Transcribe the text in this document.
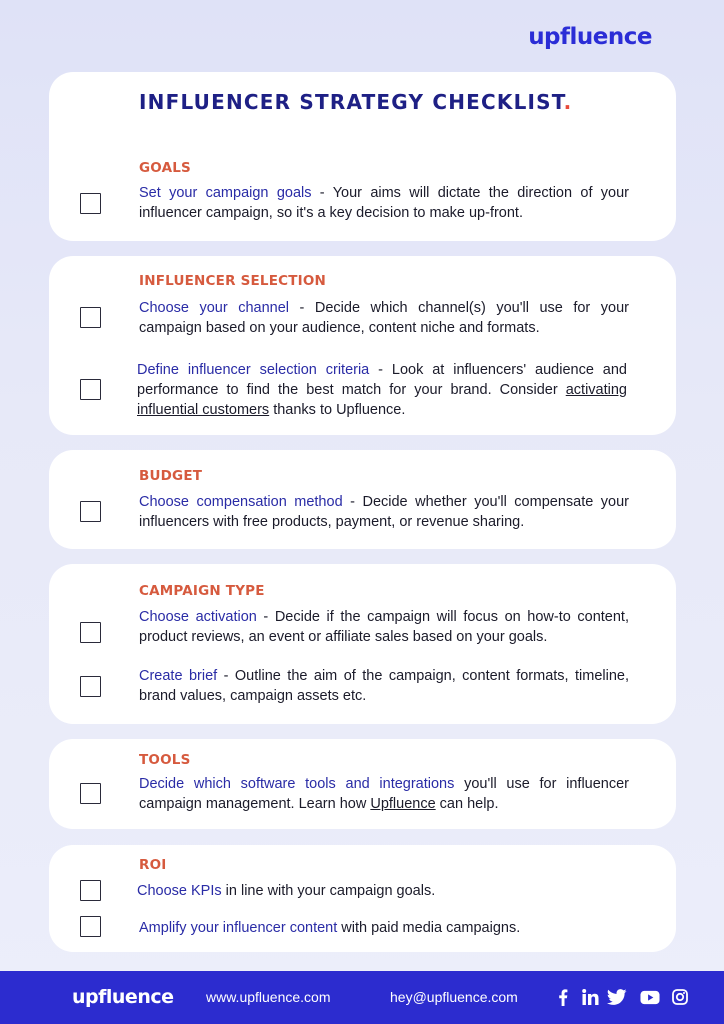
upfluence
INFLUENCER STRATEGY CHECKLIST.
GOALS
Set your campaign goals - Your aims will dictate the direction of your influencer campaign, so it's a key decision to make up-front.
INFLUENCER SELECTION
Choose your channel - Decide which channel(s) you'll use for your campaign based on your audience, content niche and formats.
Define influencer selection criteria - Look at influencers' audience and performance to find the best match for your brand. Consider activating influential customers thanks to Upfluence.
BUDGET
Choose compensation method - Decide whether you'll compensate your influencers with free products, payment, or revenue sharing.
CAMPAIGN TYPE
Choose activation - Decide if the campaign will focus on how-to content, product reviews, an event or affiliate sales based on your goals.
Create brief - Outline the aim of the campaign, content formats, timeline, brand values, campaign assets etc.
TOOLS
Decide which software tools and integrations you'll use for influencer campaign management. Learn how Upfluence can help.
ROI
Choose KPIs in line with your campaign goals.
Amplify your influencer content with paid media campaigns.
upfluence www.upfluence.com	hey@upfluence.com
